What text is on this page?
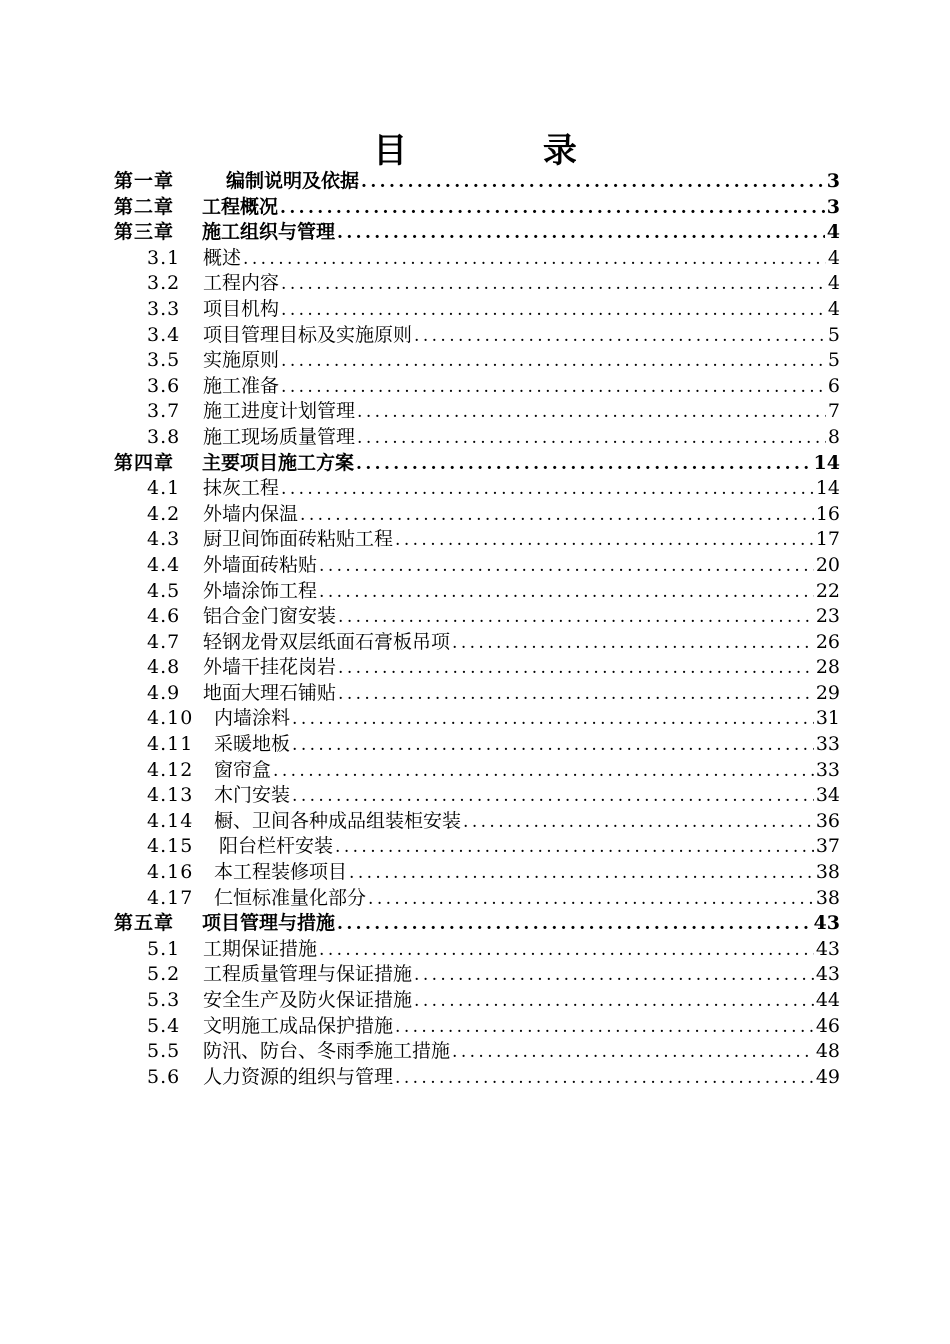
目 录
第一章	编制说明及依据 .....	3
第二章	工程概况 .....	3
第三章	施工组织与管理 .....	4
3.1	概述 .....	4
3.2	工程内容 .....	4
3.3	项目机构 .....	4
3.4	项目管理目标及实施原则 .....	5
3.5	实施原则 .....	5
3.6	施工准备 .....	6
3.7	施工进度计划管理 .....	7
3.8	施工现场质量管理 .....	8
第四章	主要项目施工方案 .....	14
4.1	抹灰工程 .....	14
4.2	外墙内保温 .....	16
4.3	厨卫间饰面砖粘贴工程 .....	17
4.4	外墙面砖粘贴 .....	20
4.5	外墙涂饰工程 .....	22
4.6	铝合金门窗安装 .....	23
4.7	轻钢龙骨双层纸面石膏板吊项 .....	26
4.8	外墙干挂花岗岩 .....	28
4.9	地面大理石铺贴 .....	29
4.10	内墙涂料 .....	31
4.11	采暖地板 .....	33
4.12	窗帘盒 .....	33
4.13	木门安装 .....	34
4.14	橱、卫间各种成品组装柜安装 .....	36
4.15	阳台栏杆安装 .....	37
4.16	本工程装修项目 .....	38
4.17	仁恒标准量化部分 .....	38
第五章	项目管理与措施 .....	43
5.1	工期保证措施 .....	43
5.2	工程质量管理与保证措施 .....	43
5.3	安全生产及防火保证措施 .....	44
5.4	文明施工成品保护措施 .....	46
5.5	防汛、防台、冬雨季施工措施 .....	48
5.6	人力资源的组织与管理 .....	49
